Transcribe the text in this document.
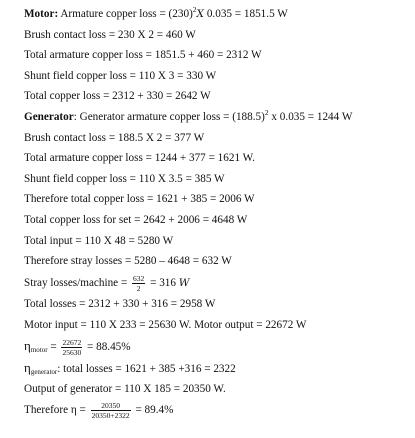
Motor: Armature copper loss = $(230)^2X$ 0.035 = 1851.5 W
Brush contact loss = 230 X 2 = 460 W
Total armature copper loss = 1851.5 + 460 = 2312 W
Shunt field copper loss = 110 X 3 = 330 W
Total copper loss = 2312 + 330 = 2642 W
Generator: Generator armature copper loss = $(188.5)^2$ x 0.035 = 1244 W
Brush contact loss = 188.5 X 2 = 377 W
Total armature copper loss = 1244 + 377 = 1621 W.
Shunt field copper loss = 110 X 3.5 = 385 W
Therefore total copper loss = 1621 + 385 = 2006 W
Total copper loss for set = 2642 + 2006 = 4648 W
Total input = 110 X 48 = 5280 W
Therefore stray losses = 5280 – 4648 = 632 W
Stray losses/machine = $\frac{632}{2} = 316$ W
Total losses = 2312 + 330 + 316 = 2958 W
Motor input = 110 X 233 = 25630 W. Motor output = 22672 W
$\eta_{motor} = \frac{22672}{25630} = 88.45\%$
$\eta_{generator}$: total losses = 1621 + 385 +316 = 2322
Output of generator = 110 X 185 = 20350 W.
Therefore $\eta = \frac{20350}{20350+2322} = 89.4\%$
